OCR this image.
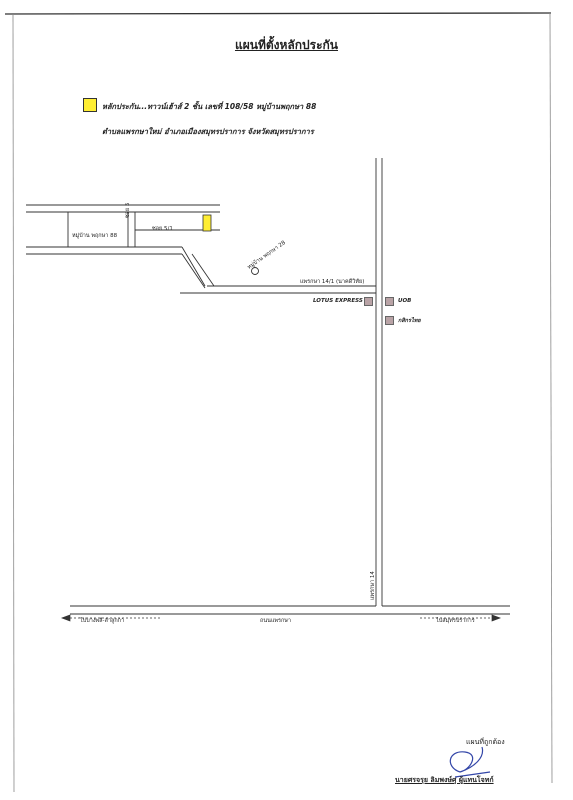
แผนที่ตั้งหลักประกัน
หลักประกัน...ทาวน์เฮ้าส์ 2 ชั้น เลขที่ 108/58 หมู่บ้านพฤกษา 88
ตำบลแพรกษาใหม่ อำเภอเมืองสมุทรปราการ จังหวัดสมุทรปราการ
ซอย 5
ซอย 5/1
หมู่บ้าน พฤกษา 88
หมู่บ้าน พฤกษา 28
แพรกษา 14/1 (นาคดีวิทัย)
แพรกษา 14
ถนนแพรกษา
ไปบางพลี-ลำลูกกา	ไปสมุทรปราการ
LOTUS EXPRESS	UOB
กสิกรไทย
แผนที่ถูกต้อง
นายศรจรุย ลิมพงษ์ศุ ผู้แทนโจทก์
